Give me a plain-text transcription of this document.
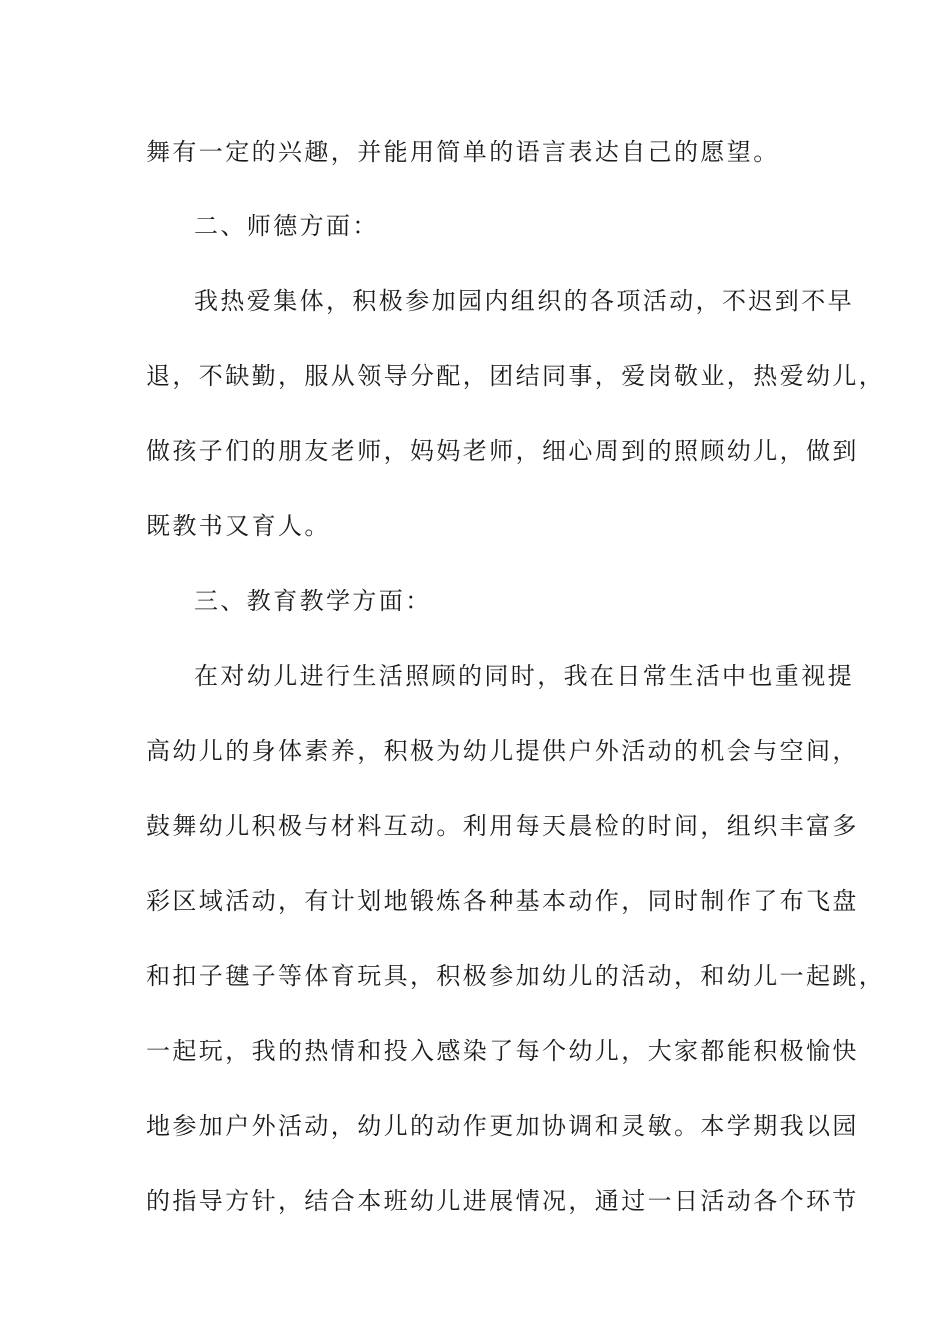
舞有一定的兴趣，并能用简单的语言表达自己的愿望。
二、师德方面：
我热爱集体，积极参加园内组织的各项活动，不迟到不早
退，不缺勤，服从领导分配，团结同事，爱岗敬业，热爱幼儿，
做孩子们的朋友老师，妈妈老师，细心周到的照顾幼儿，做到
既教书又育人。
三、教育教学方面：
在对幼儿进行生活照顾的同时，我在日常生活中也重视提
高幼儿的身体素养，积极为幼儿提供户外活动的机会与空间，
鼓舞幼儿积极与材料互动。利用每天晨检的时间，组织丰富多
彩区域活动，有计划地锻炼各种基本动作，同时制作了布飞盘
和扣子毽子等体育玩具，积极参加幼儿的活动，和幼儿一起跳，
一起玩，我的热情和投入感染了每个幼儿，大家都能积极愉快
地参加户外活动，幼儿的动作更加协调和灵敏。本学期我以园
的指导方针，结合本班幼儿进展情况，通过一日活动各个环节
